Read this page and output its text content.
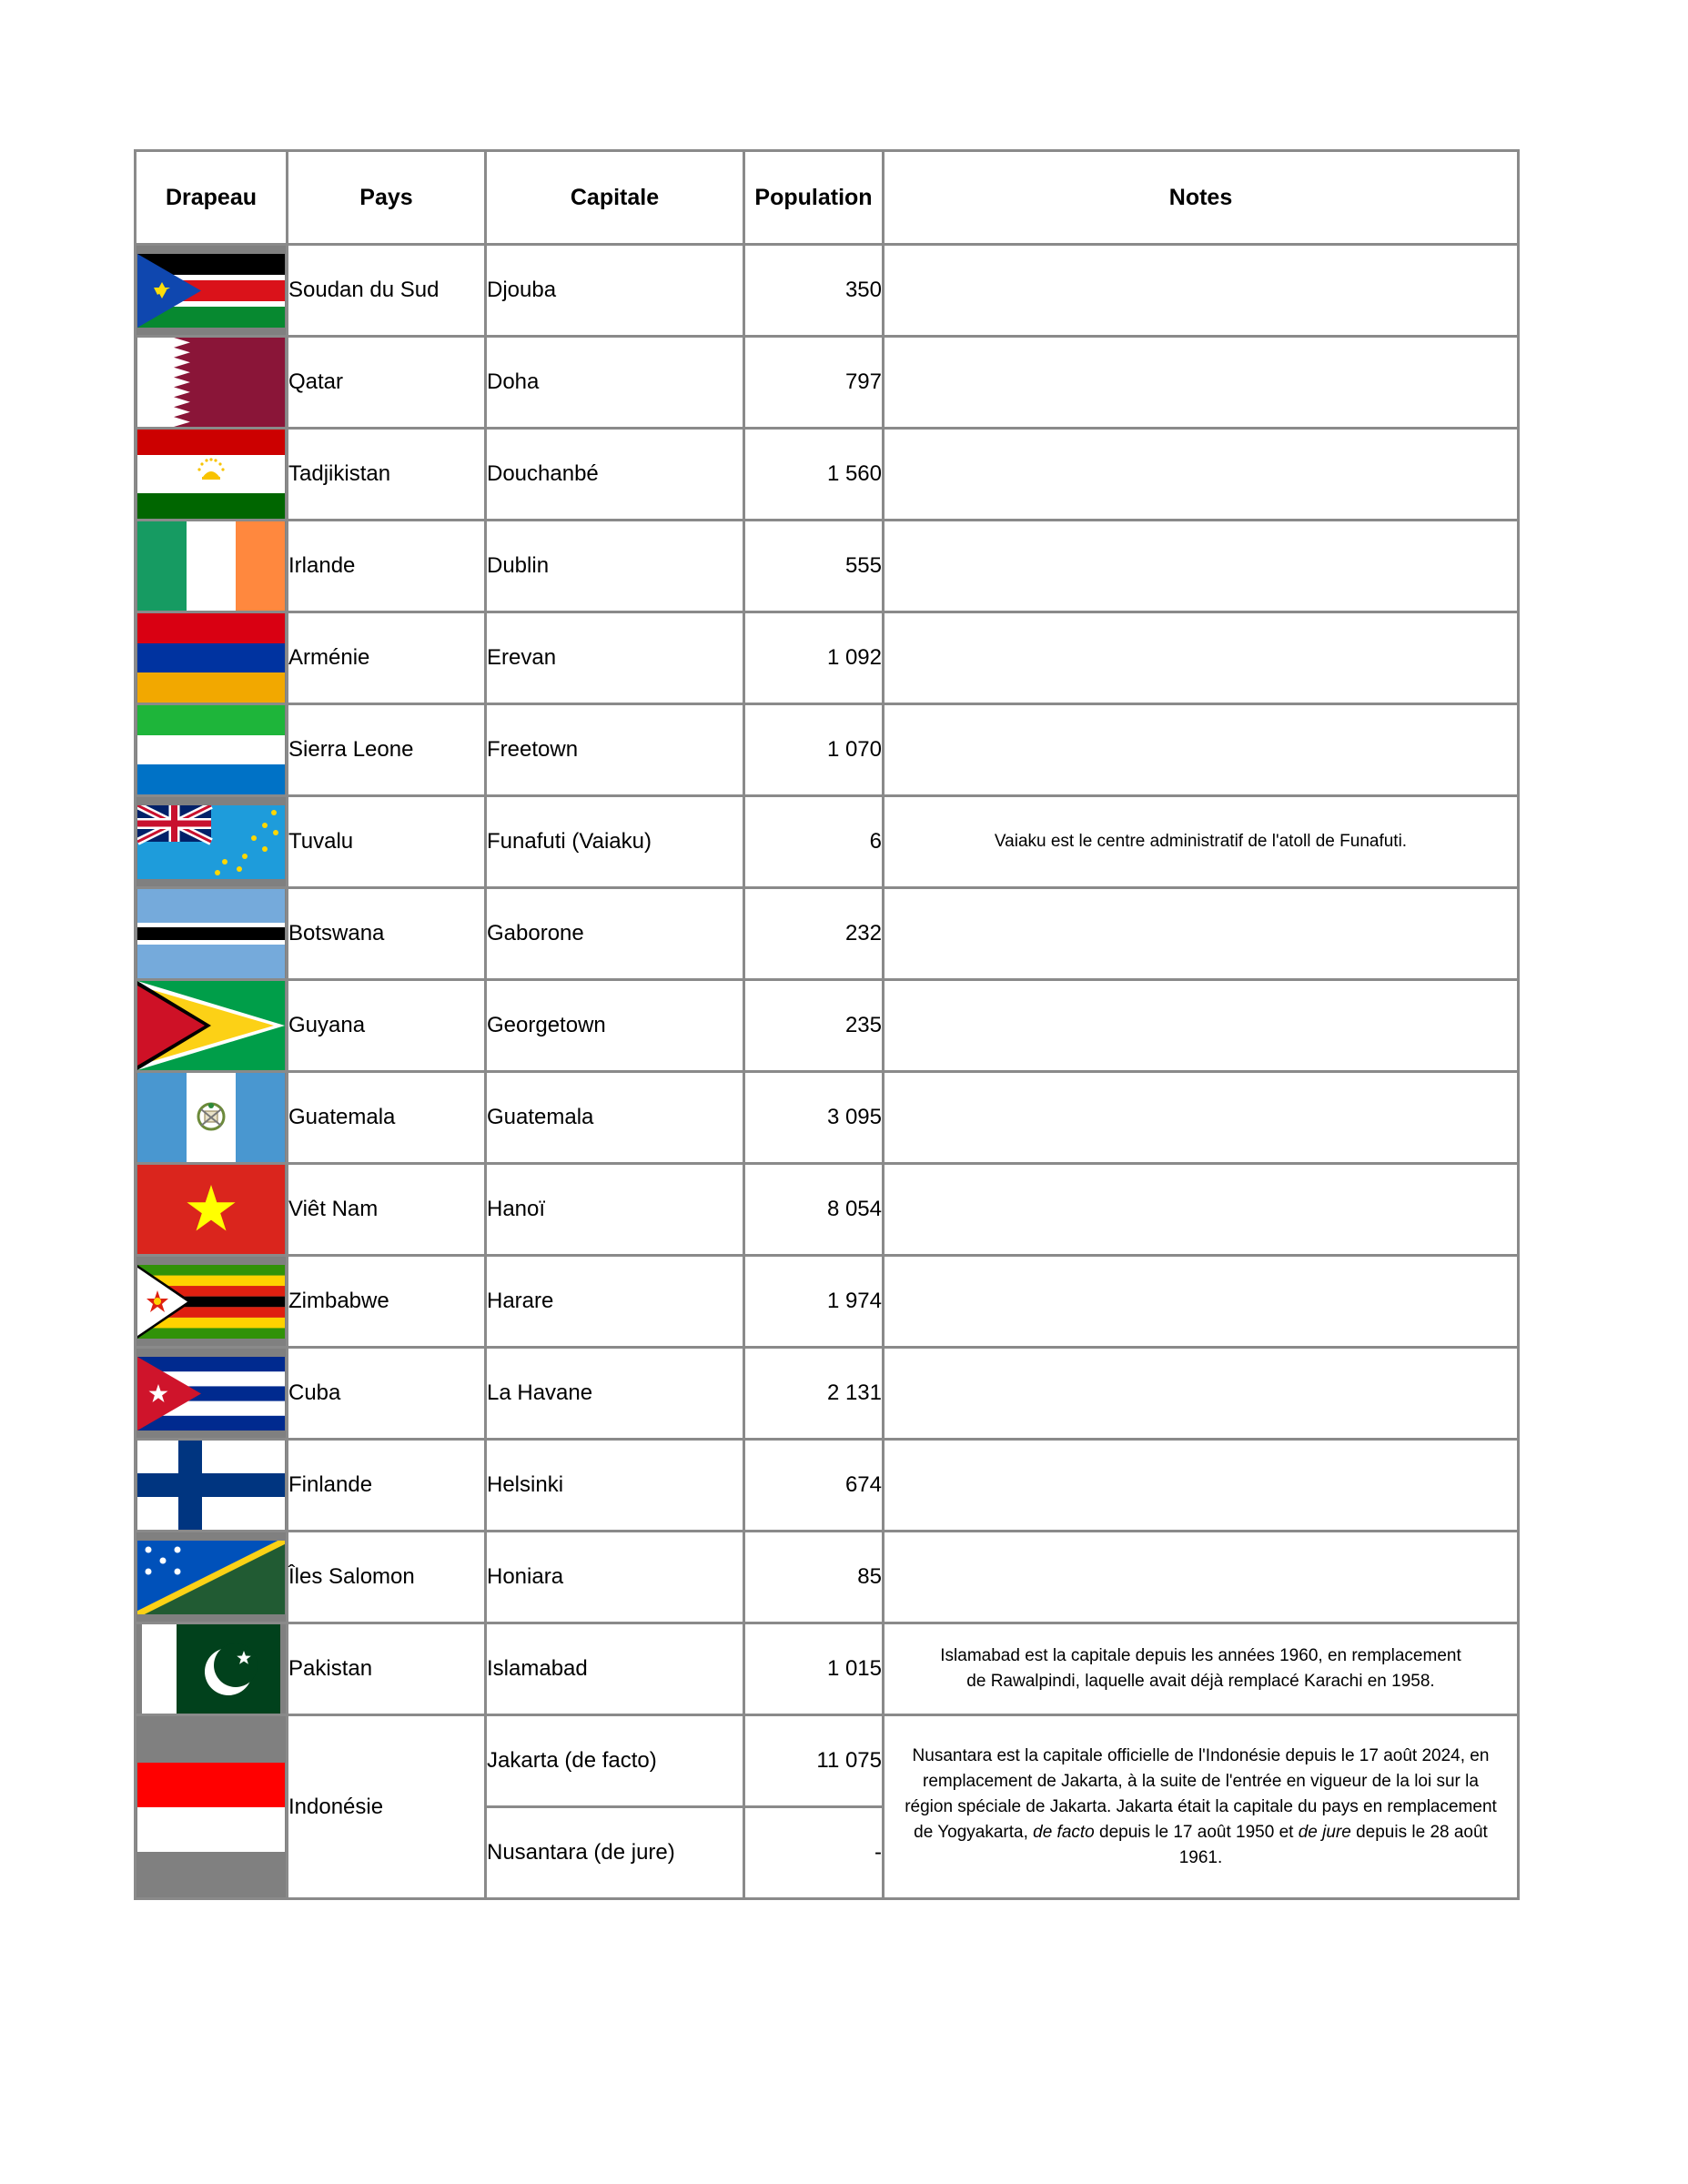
Drapeau	Pays	Capitale	Population	Notes

	Soudan du Sud	Djouba	350	

	Qatar	Doha	797	

	Tadjikistan	Douchanbé	1 560	

	Irlande	Dublin	555	

	Arménie	Erevan	1 092	

	Sierra Leone	Freetown	1 070	

	Tuvalu	Funafuti (Vaiaku)	6	Vaiaku est le centre administratif de l'atoll de Funafuti.

	Botswana	Gaborone	232	

	Guyana	Georgetown	235	

	Guatemala	Guatemala	3 095	

	Viêt Nam	Hanoï	8 054	

	Zimbabwe	Harare	1 974	

	Cuba	La Havane	2 131	

	Finlande	Helsinki	674	

	Îles Salomon	Honiara	85	

	Pakistan	Islamabad	1 015	Islamabad est la capitale depuis les années 1960, en remplacement
de Rawalpindi, laquelle avait déjà remplacé Karachi en 1958.

	Indonésie	Jakarta (de facto)	11 075	Nusantara est la capitale officielle de l'Indonésie depuis le 17 août 2024, en
remplacement de Jakarta, à la suite de l'entrée en vigueur de la loi sur la
région spéciale de Jakarta. Jakarta était la capitale du pays en remplacement
de Yogyakarta, de facto depuis le 17 août 1950 et de jure depuis le 28 août
1961.
		Nusantara (de jure)	-	
